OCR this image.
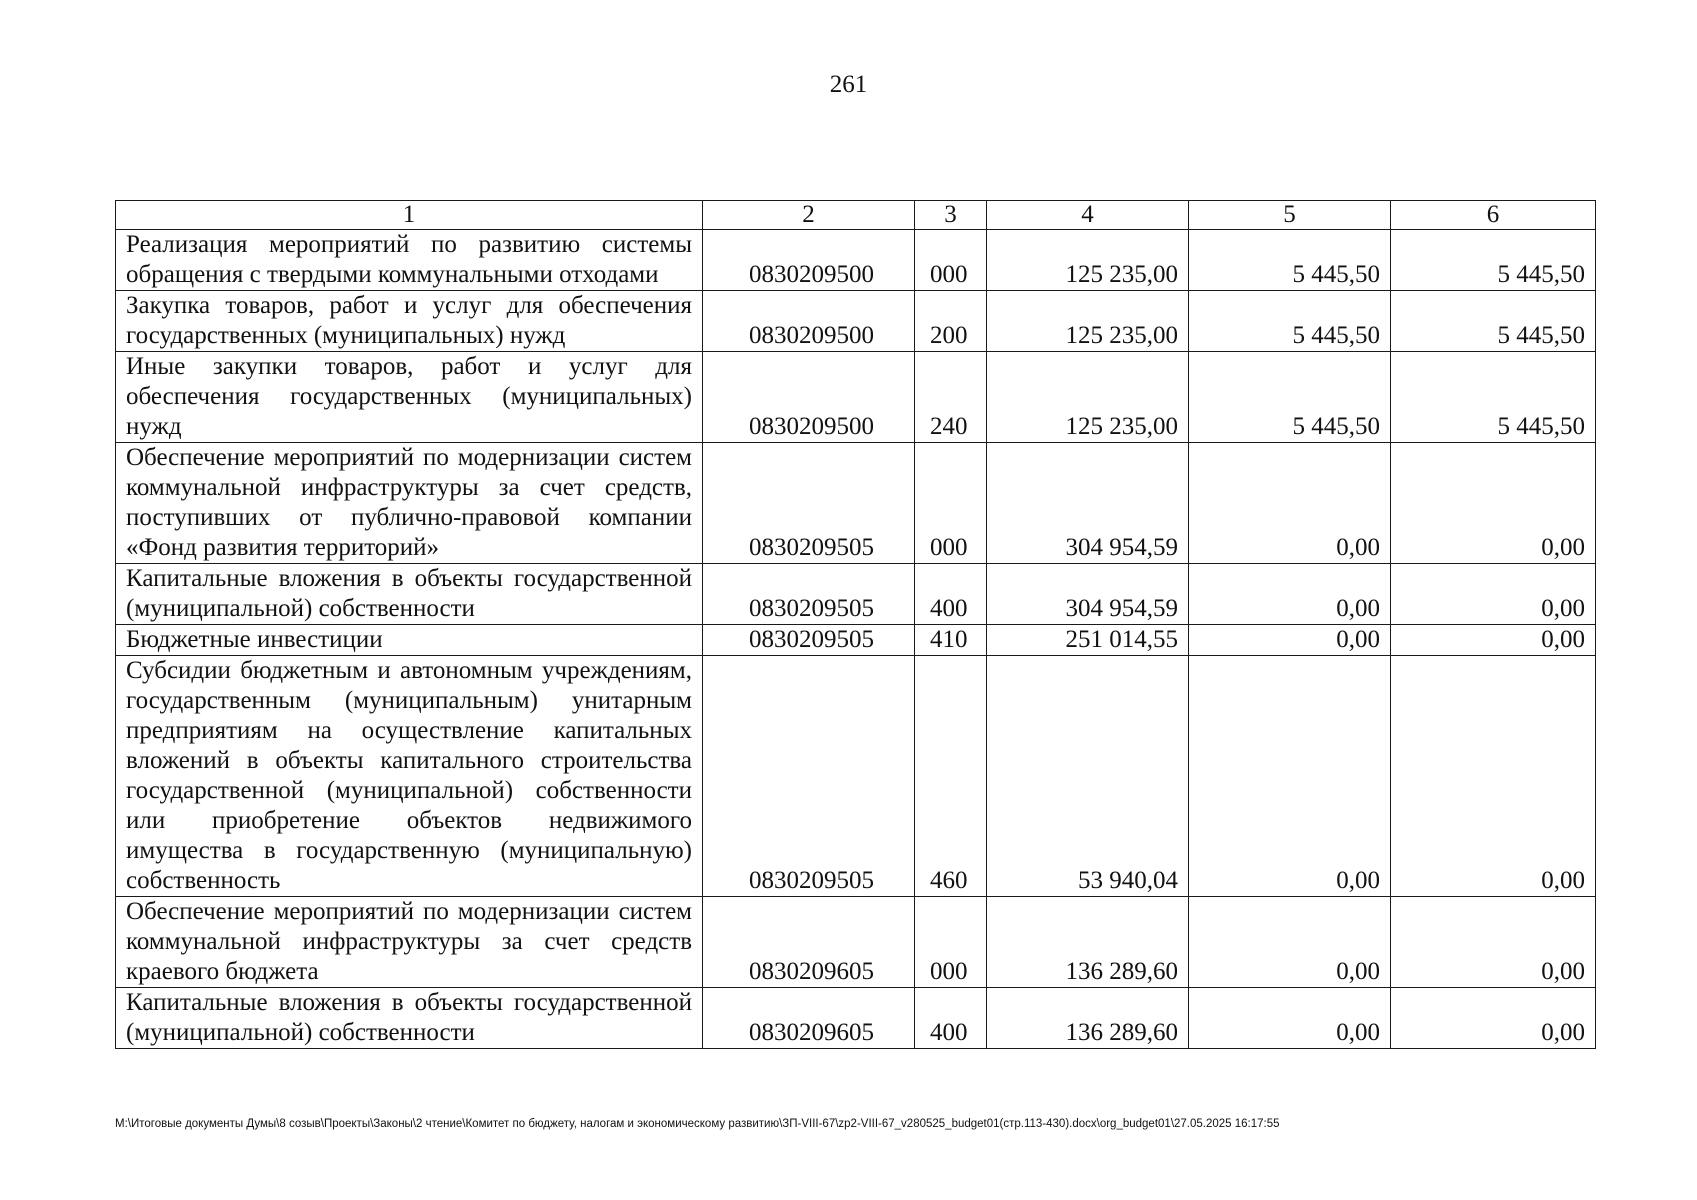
261
1	2	3	4	5	6
Реализация мероприятий по развитию системы обращения с твердыми коммунальными отходами	0830209500	000	125 235,00	5 445,50	5 445,50
Закупка товаров, работ и услуг для обеспечения государственных (муниципальных) нужд	0830209500	200	125 235,00	5 445,50	5 445,50
Иные закупки товаров, работ и услуг для обеспечения государственных (муниципальных) нужд	0830209500	240	125 235,00	5 445,50	5 445,50
Обеспечение мероприятий по модернизации систем коммунальной инфраструктуры за счет средств, поступивших от публично-правовой компании «Фонд развития территорий»	0830209505	000	304 954,59	0,00	0,00
Капитальные вложения в объекты государственной (муниципальной) собственности	0830209505	400	304 954,59	0,00	0,00
Бюджетные инвестиции	0830209505	410	251 014,55	0,00	0,00
Субсидии бюджетным и автономным учреждениям, государственным (муниципальным) унитарным предприятиям на осуществление капитальных вложений в объекты капитального строительства государственной (муниципальной) собственности или приобретение объектов недвижимого имущества в государственную (муниципальную) собственность	0830209505	460	53 940,04	0,00	0,00
Обеспечение мероприятий по модернизации систем коммунальной инфраструктуры за счет средств краевого бюджета	0830209605	000	136 289,60	0,00	0,00
Капитальные вложения в объекты государственной (муниципальной) собственности	0830209605	400	136 289,60	0,00	0,00
M:\Итоговые документы Думы\8 созыв\Проекты\Законы\2 чтение\Комитет по бюджету, налогам и экономическому развитию\ЗП-VIII-67\zp2-VIII-67_v280525_budget01(стр.113-430).docx\org_budget01\27.05.2025 16:17:55
